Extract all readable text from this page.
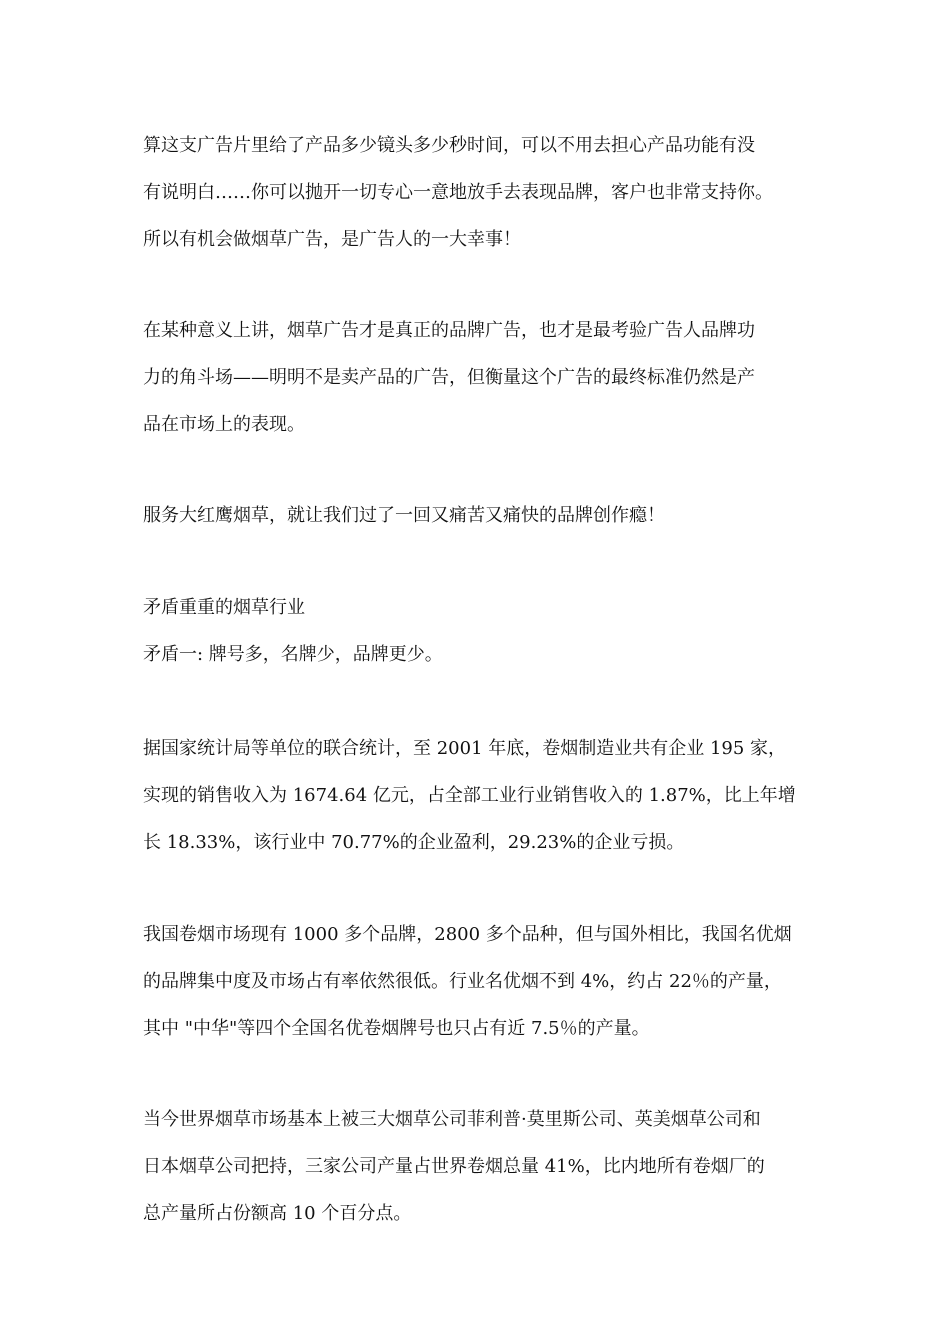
算这支广告片里给了产品多少镜头多少秒时间，可以不用去担心产品功能有没
有说明白……你可以抛开一切专心一意地放手去表现品牌，客户也非常支持你。
所以有机会做烟草广告，是广告人的一大幸事！
在某种意义上讲，烟草广告才是真正的品牌广告，也才是最考验广告人品牌功
力的角斗场——明明不是卖产品的广告，但衡量这个广告的最终标准仍然是产
品在市场上的表现。
服务大红鹰烟草，就让我们过了一回又痛苦又痛快的品牌创作瘾！
矛盾重重的烟草行业
矛盾一: 牌号多，名牌少，品牌更少。
据国家统计局等单位的联合统计，至 2001 年底，卷烟制造业共有企业 195 家，
实现的销售收入为 1674.64 亿元，占全部工业行业销售收入的 1.87%，比上年增
长 18.33%，该行业中 70.77%的企业盈利，29.23%的企业亏损。
我国卷烟市场现有 1000 多个品牌，2800 多个品种，但与国外相比，我国名优烟
的品牌集中度及市场占有率依然很低。行业名优烟不到 4%，约占 22％的产量，
其中 "中华"等四个全国名优卷烟牌号也只占有近 7.5％的产量。
当今世界烟草市场基本上被三大烟草公司菲利普·莫里斯公司、英美烟草公司和
日本烟草公司把持，三家公司产量占世界卷烟总量 41%，比内地所有卷烟厂的
总产量所占份额高 10 个百分点。
